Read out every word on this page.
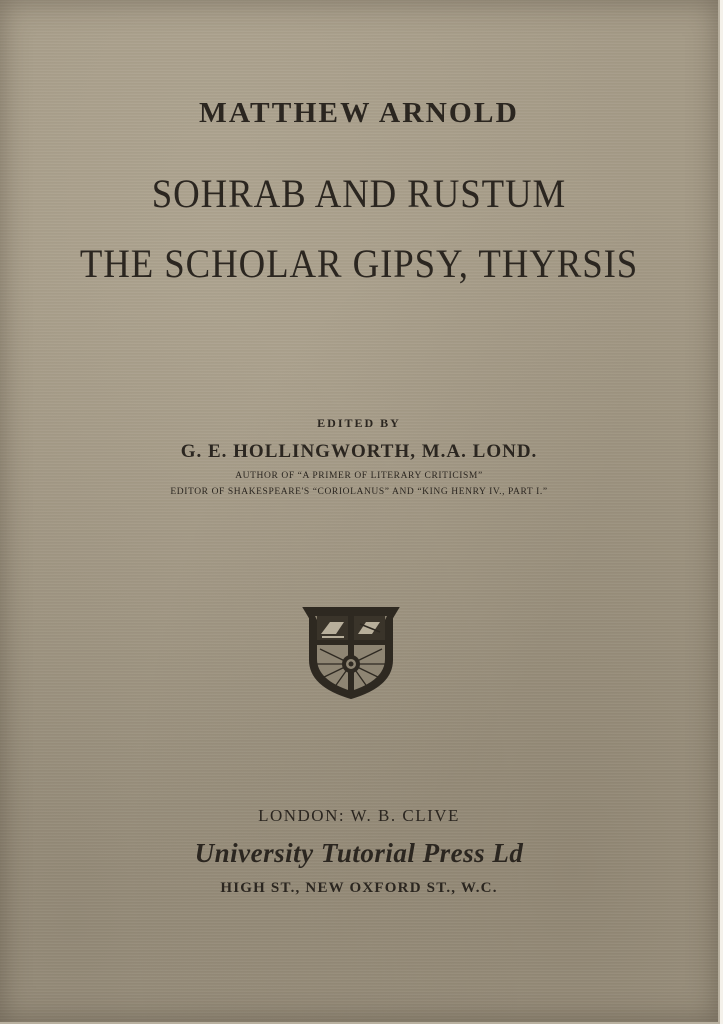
MATTHEW ARNOLD
SOHRAB AND RUSTUM
THE SCHOLAR GIPSY, THYRSIS
EDITED BY
G. E. HOLLINGWORTH, M.A. LOND.
AUTHOR OF “A PRIMER OF LITERARY CRITICISM”
EDITOR OF SHAKESPEARE'S “CORIOLANUS” AND “KING HENRY IV., PART I.”
LONDON: W. B. CLIVE
University Tutorial Press Ld
HIGH ST., NEW OXFORD ST., W.C.
